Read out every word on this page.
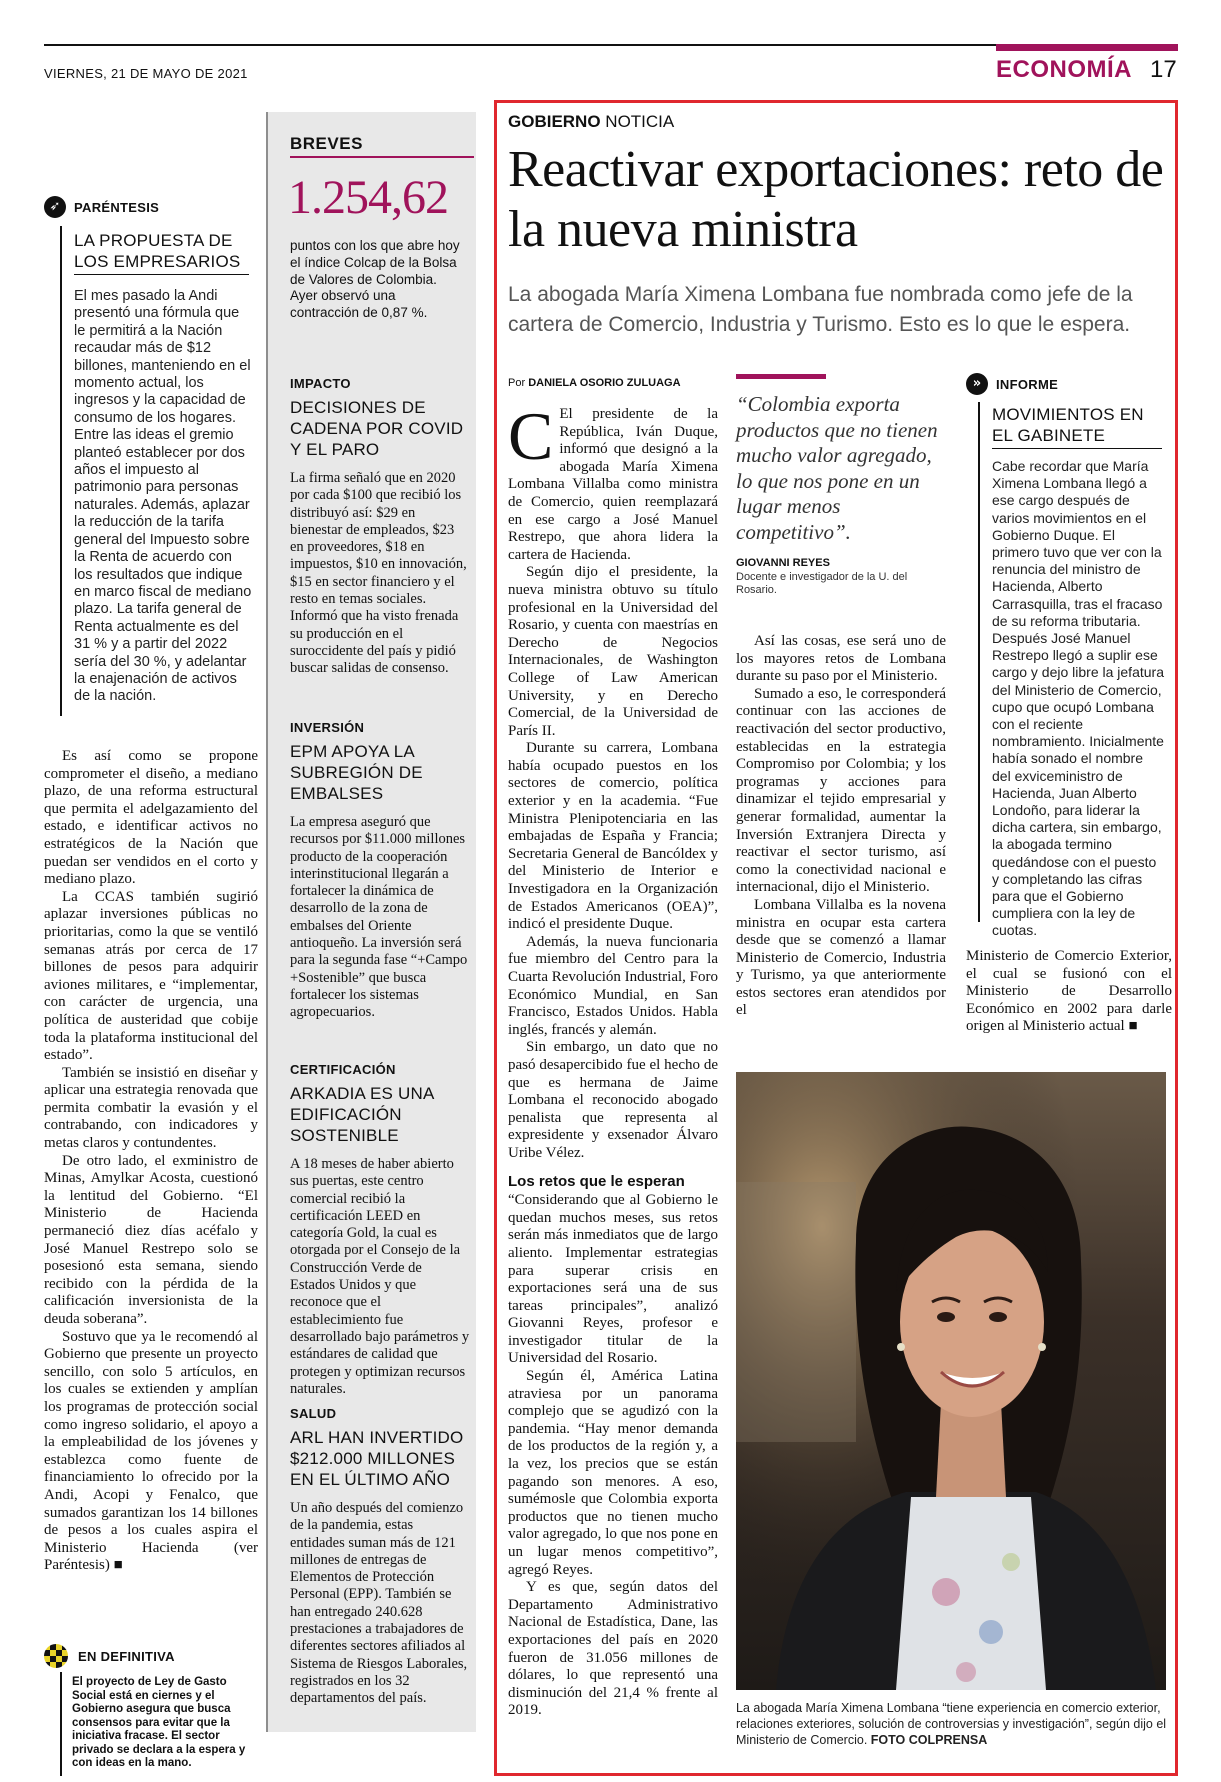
VIERNES, 21 DE MAYO DE 2021	ECONOMÍA 17
➶	PARÉNTESIS
LA PROPUESTA DE LOS EMPRESARIOS
El mes pasado la Andi presentó una fórmula que le permitirá a la Nación recaudar más de $12 billones, manteniendo en el momento actual, los ingresos y la capacidad de consumo de los hogares. Entre las ideas el gremio planteó establecer por dos años el impuesto al patrimonio para personas naturales. Además, aplazar la reducción de la tarifa general del Impuesto sobre la Renta de acuerdo con los resultados que indique en marco fiscal de mediano plazo. La tarifa general de Renta actualmente es del 31 % y a partir del 2022 sería del 30 %, y adelantar la enajenación de activos de la nación.

Es así como se propone comprometer el diseño, a mediano plazo, de una reforma estructural que permita el adelgazamiento del estado, e identificar activos no estratégicos de la Nación que puedan ser vendidos en el corto y mediano plazo.

La CCAS también sugirió aplazar inversiones públicas no prioritarias, como la que se ventiló semanas atrás por cerca de 17 billones de pesos para adquirir aviones militares, e “implementar, con carácter de urgencia, una política de austeridad que cobije toda la plataforma institucional del estado”.

También se insistió en diseñar y aplicar una estrategia renovada que permita combatir la evasión y el contrabando, con indicadores y metas claros y contundentes.

De otro lado, el exministro de Minas, Amylkar Acosta, cuestionó la lentitud del Gobierno. “El Ministerio de Hacienda permaneció diez días acéfalo y José Manuel Restrepo solo se posesionó esta semana, siendo recibido con la pérdida de la calificación inversionista de la deuda soberana”.

Sostuvo que ya le recomendó al Gobierno que presente un proyecto sencillo, con solo 5 artículos, en los cuales se extienden y amplían los programas de protección social como ingreso solidario, el apoyo a la empleabilidad de los jóvenes y establezca como fuente de financiamiento lo ofrecido por la Andi, Acopi y Fenalco, que sumados garantizan los 14 billones de pesos a los cuales aspira el Ministerio Hacienda (ver Paréntesis) ■

EN DEFINITIVA
El proyecto de Ley de Gasto Social está en ciernes y el Gobierno asegura que busca consensos para evitar que la iniciativa fracase. El sector privado se declara a la espera y con ideas en la mano.
BREVES
1.254,62
puntos con los que abre hoy el índice Colcap de la Bolsa de Valores de Colombia. Ayer observó una contracción de 0,87 %.
IMPACTO
DECISIONES DE CADENA POR COVID Y EL PARO
La firma señaló que en 2020 por cada $100 que recibió los distribuyó así: $29 en bienestar de empleados, $23 en proveedores, $18 en impuestos, $10 en innovación, $15 en sector financiero y el resto en temas sociales. Informó que ha visto frenada su producción en el suroccidente del país y pidió buscar salidas de consenso.
INVERSIÓN
EPM APOYA LA SUBREGIÓN DE EMBALSES
La empresa aseguró que recursos por $11.000 millones producto de la cooperación interinstitucional llegarán a fortalecer la dinámica de desarrollo de la zona de embalses del Oriente antioqueño. La inversión será para la segunda fase “+Campo +Sostenible” que busca fortalecer los sistemas agropecuarios.
CERTIFICACIÓN
ARKADIA ES UNA EDIFICACIÓN SOSTENIBLE
A 18 meses de haber abierto sus puertas, este centro comercial recibió la certificación LEED en categoría Gold, la cual es otorgada por el Consejo de la Construcción Verde de Estados Unidos y que reconoce que el establecimiento fue desarrollado bajo parámetros y estándares de calidad que protegen y optimizan recursos naturales.
SALUD
ARL HAN INVERTIDO $212.000 MILLONES EN EL ÚLTIMO AÑO
Un año después del comienzo de la pandemia, estas entidades suman más de 121 millones de entregas de Elementos de Protección Personal (EPP). También se han entregado 240.628 prestaciones a trabajadores de diferentes sectores afiliados al Sistema de Riesgos Laborales, registrados en los 32 departamentos del país.
GOBIERNO NOTICIA
Reactivar exportaciones: reto de la nueva ministra
La abogada María Ximena Lombana fue nombrada como jefe de la cartera de Comercio, Industria y Turismo. Esto es lo que le espera.
Por DANIELA OSORIO ZULUAGA

C El presidente de la República, Iván Duque, informó que designó a la abogada María Ximena Lombana Villalba como ministra de Comercio, quien reemplazará en ese cargo a José Manuel Restrepo, que ahora lidera la cartera de Hacienda.

Según dijo el presidente, la nueva ministra obtuvo su título profesional en la Universidad del Rosario, y cuenta con maestrías en Derecho de Negocios Internacionales, de Washington College of Law American University, y en Derecho Comercial, de la Universidad de París II.

Durante su carrera, Lombana había ocupado puestos en los sectores de comercio, política exterior y en la academia. “Fue Ministra Plenipotenciaria en las embajadas de España y Francia; Secretaria General de Bancóldex y del Ministerio de Interior e Investigadora en la Organización de Estados Americanos (OEA)”, indicó el presidente Duque.

Además, la nueva funcionaria fue miembro del Centro para la Cuarta Revolución Industrial, Foro Económico Mundial, en San Francisco, Estados Unidos. Habla inglés, francés y alemán.

Sin embargo, un dato que no pasó desapercibido fue el hecho de que es hermana de Jaime Lombana el reconocido abogado penalista que representa al expresidente y exsenador Álvaro Uribe Vélez.

Los retos que le esperan

“Considerando que al Gobierno le quedan muchos meses, sus retos serán más inmediatos que de largo aliento. Implementar estrategias para superar crisis en exportaciones será una de sus tareas principales”, analizó Giovanni Reyes, profesor e investigador titular de la Universidad del Rosario.

Según él, América Latina atraviesa por un panorama complejo que se agudizó con la pandemia. “Hay menor demanda de los productos de la región y, a la vez, los precios que se están pagando son menores. A eso, sumémosle que Colombia exporta productos que no tienen mucho valor agregado, lo que nos pone en un lugar menos competitivo”, agregó Reyes.

Y es que, según datos del Departamento Administrativo Nacional de Estadística, Dane, las exportaciones del país en 2020 fueron de 31.056 millones de dólares, lo que representó una disminución del 21,4 % frente al 2019.

“Colombia exporta productos que no tienen mucho valor agregado, lo que nos pone en un lugar menos competitivo”.
GIOVANNI REYES
Docente e investigador de la U. del Rosario.

Así las cosas, ese será uno de los mayores retos de Lombana durante su paso por el Ministerio.

Sumado a eso, le corresponderá continuar con las acciones de reactivación del sector productivo, establecidas en la estrategia Compromiso por Colombia; y los programas y acciones para dinamizar el tejido empresarial y generar formalidad, aumentar la Inversión Extranjera Directa y reactivar el sector turismo, así como la conectividad nacional e internacional, dijo el Ministerio.

Lombana Villalba es la novena ministra en ocupar esta cartera desde que se comenzó a llamar Ministerio de Comercio, Industria y Turismo, ya que anteriormente estos sectores eran atendidos por el

»	INFORME
MOVIMIENTOS EN EL GABINETE
Cabe recordar que María Ximena Lombana llegó a ese cargo después de varios movimientos en el Gobierno Duque. El primero tuvo que ver con la renuncia del ministro de Hacienda, Alberto Carrasquilla, tras el fracaso de su reforma tributaria. Después José Manuel Restrepo llegó a suplir ese cargo y dejo libre la jefatura del Ministerio de Comercio, cupo que ocupó Lombana con el reciente nombramiento. Inicialmente había sonado el nombre del exviceministro de Hacienda, Juan Alberto Londoño, para liderar la dicha cartera, sin embargo, la abogada termino quedándose con el puesto y completando las cifras para que el Gobierno cumpliera con la ley de cuotas.

Ministerio de Comercio Exterior, el cual se fusionó con el Ministerio de Desarrollo Económico en 2002 para darle origen al Ministerio actual ■

La abogada María Ximena Lombana “tiene experiencia en comercio exterior, relaciones exteriores, solución de controversias y investigación”, según dijo el Ministerio de Comercio. FOTO COLPRENSA
